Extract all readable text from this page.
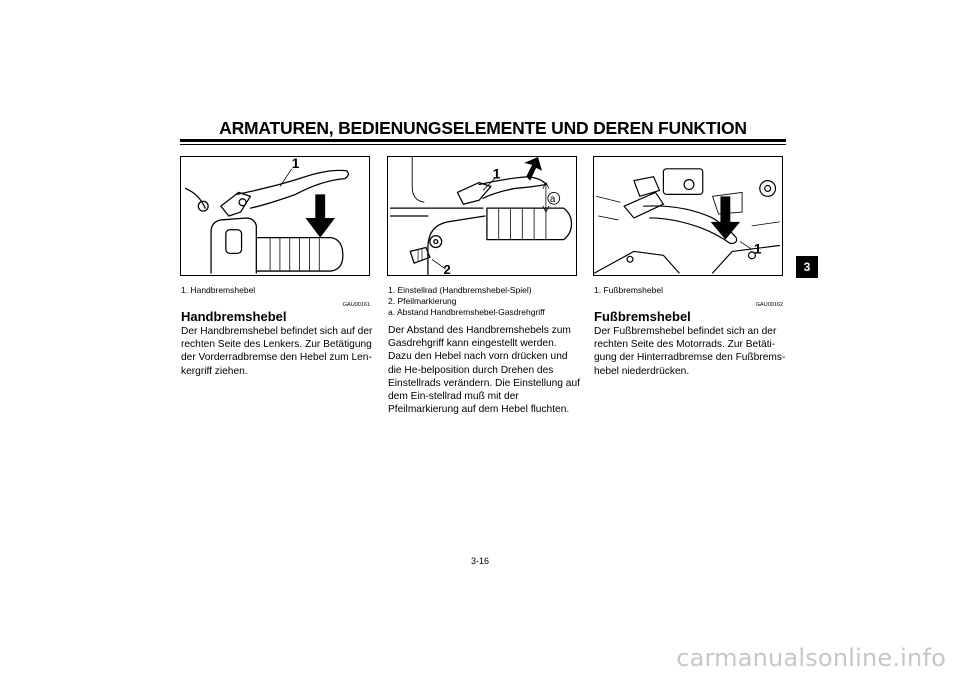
ARMATUREN, BEDIENUNGSELEMENTE UND DEREN FUNKTION
1
1
2
a
1
1. Handbremshebel
GAU00161
Handbremshebel

Der Handbremshebel befindet sich auf der rechten Seite des Lenkers. Zur Betätigung der Vorderradbremse den Hebel zum Len-kergriff ziehen.

1. Einstellrad (Handbremshebel-Spiel)
2. Pfeilmarkierung
a. Abstand Handbremshebel-Gasdrehgriff

Der Abstand des Handbremshebels zum Gasdrehgriff kann eingestellt werden. Dazu den Hebel nach vorn drücken und die He-belposition durch Drehen des Einstellrads verändern. Die Einstellung auf dem Ein-stellrad muß mit der Pfeilmarkierung auf dem Hebel fluchten.

1. Fußbremshebel
GAU00162
Fußbremshebel

Der Fußbremshebel befindet sich an der rechten Seite des Motorrads. Zur Betäti-gung der Hinterradbremse den Fußbrems-hebel niederdrücken.

3
3-16
carmanualsonline.info
